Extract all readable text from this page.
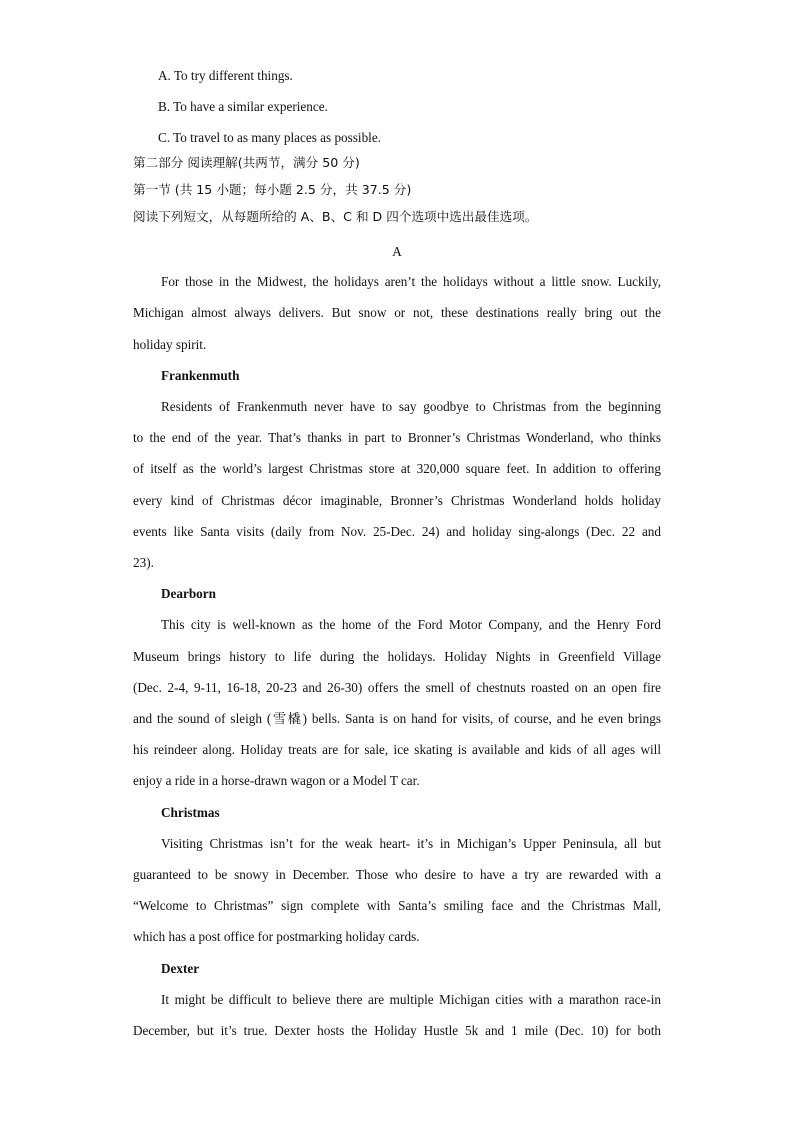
A. To try different things.
B. To have a similar experience.
C. To travel to as many places as possible.
第二部分 阅读理解(共两节，满分 50 分)
第一节 (共 15 小题；每小题 2.5 分，共 37.5 分)
阅读下列短文，从每题所给的 A、B、C 和 D 四个选项中选出最佳选项。
A
For those in the Midwest, the holidays aren’t the holidays without a little snow. Luckily,
Michigan almost always delivers. But snow or not, these destinations really bring out the
holiday spirit.
Frankenmuth
Residents of Frankenmuth never have to say goodbye to Christmas from the beginning
to the end of the year. That’s thanks in part to Bronner’s Christmas Wonderland, who thinks
of itself as the world’s largest Christmas store at 320,000 square feet. In addition to offering
every kind of Christmas décor imaginable, Bronner’s Christmas Wonderland holds holiday
events like Santa visits (daily from Nov. 25-Dec. 24) and holiday sing-alongs (Dec. 22 and
23).
Dearborn
This city is well-known as the home of the Ford Motor Company, and the Henry Ford
Museum brings history to life during the holidays. Holiday Nights in Greenfield Village
(Dec. 2-4, 9-11, 16-18, 20-23 and 26-30) offers the smell of chestnuts roasted on an open fire
and the sound of sleigh (雪橇) bells. Santa is on hand for visits, of course, and he even brings
his reindeer along. Holiday treats are for sale, ice skating is available and kids of all ages will
enjoy a ride in a horse-drawn wagon or a Model T car.
Christmas
Visiting Christmas isn’t for the weak heart- it’s in Michigan’s Upper Peninsula, all but
guaranteed to be snowy in December. Those who desire to have a try are rewarded with a
“Welcome to Christmas” sign complete with Santa’s smiling face and the Christmas Mall,
which has a post office for postmarking holiday cards.
Dexter
It might be difficult to believe there are multiple Michigan cities with a marathon race-in
December, but it’s true. Dexter hosts the Holiday Hustle 5k and 1 mile (Dec. 10) for both
